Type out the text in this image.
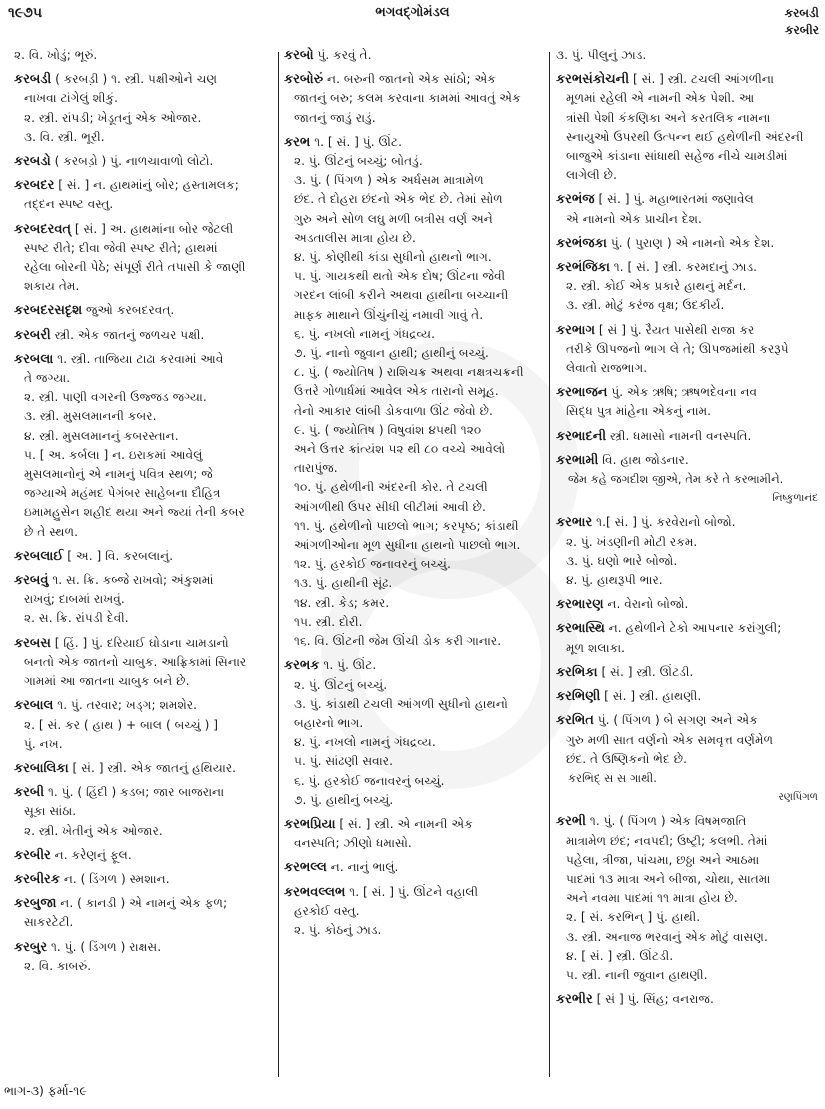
૧૯૭૫	ભગવદ્ગોમંડલ	કરબડી
કરબીર
૨. વિ. ખોડું; ભૂરું.
કરબડી ( કરબડ઼ી ) ૧. સ્ત્રી. પક્ષીઓને ચણ
નાખવા ટાંગેલું શીકું.
૨. સ્ત્રી. રાંપડી; ખેડૂતનું એક ઓજાર.
૩. વિ. સ્ત્રી. ભૂરી.
કરબડો ( કરબડ઼ો ) પું. નાળચાવાળો લોટો.
કરબદર [ સં. ] ન. હાથમાંનું બોર; હસ્તામલક;
તદ્દન સ્પષ્ટ વસ્તુ.
કરબદરવત્ [ સં. ] અ. હાથમાંના બોર જેટલી
સ્પષ્ટ રીતે; દીવા જેવી સ્પષ્ટ રીતે; હાથમાં
રહેલા બોરની પેઠે; સંપૂર્ણ રીતે તપાસી કે જાણી
શકાય તેમ.
કરબદરસદૃશ જુઓ કરબદરવત્.
કરબરી સ્ત્રી. એક જાતનું જળચર પક્ષી.
કરબલા ૧. સ્ત્રી. તાજિયા ટાઢા કરવામાં આવે
તે જગ્યા.
૨. સ્ત્રી. પાણી વગરની ઉજ્જડ જગ્યા.
૩. સ્ત્રી. મુસલમાનની કબર.
૪. સ્ત્રી. મુસલમાનનું કબરસ્તાન.
૫. [ અ. કર્બલા ] ન. ઇરાકમાં આવેલું
મુસલમાનોનું એ નામનું પવિત્ર સ્થળ; જે
જગ્યાએ મહંમદ પેગંબર સાહેબના દૌહિત્ર
ઇમામહુસેન શહીદ થયા અને જ્યાં તેની કબર
છે તે સ્થળ.
કરબલાઈ [ અ. ] વિ. કરબલાનું.
કરબવું ૧. સ. ક્રિ. કબ્જે રાખવો; અંકુશમાં
રાખવું; દાબમાં રાખવું.
૨. સ. ક્રિ. રાંપડી દેવી.
કરબસ [ હિં. ] પું. દરિયાઈ ઘોડાના ચામડાનો
બનતો એક જાતનો ચાબુક. આફ્રિકામાં સિનાર
ગામમાં આ જાતના ચાબુક બને છે.
કરબાલ ૧. પું. તરવાર; ખડ્ગ; શમશેર.
૨. [ સં. કર ( હાથ ) + બાલ ( બચ્ચું ) ]
પું. નખ.
કરબાલિકા [ સં. ] સ્ત્રી. એક જાતનું હથિયાર.
કરબી ૧. પું. ( હિંદી ) કડબ; જાર બાજરાના
સૂકા સાંઠા.
૨. સ્ત્રી. ખેતીનું એક ઓજાર.
કરબીર ન. કરેણનું ફૂલ.
કરબીરક ન. ( ડિંગળ ) સ્મશાન.
કરબુજા ન. ( કાનડી ) એ નામનું એક ફળ;
સાકરટેટી.
કરબુર ૧. પું. ( ડિંગળ ) રાક્ષસ.
૨. વિ. કાબરું.
કરબો પું. કરવું તે.
કરબોરું ન. બરુની જાતનો એક સાંઠો; એક
જાતનું બરુ; કલમ કરવાના કામમાં આવતું એક
જાતનું જાડું રાડું.
કરભ ૧. [ સં. ] પું. ઊંટ.
૨. પું. ઊંટનું બચ્ચું; બોતડું.
૩. પું. ( પિંગળ ) એક અર્ધસમ માત્રામેળ
છંદ. તે દોહરા છંદનો એક ભેદ છે. તેમાં સોળ
ગુરુ અને સોળ લઘુ મળી બત્રીસ વર્ણ અને
અડતાલીસ માત્રા હોય છે.
૪. પું. કોણીથી કાંડા સુધીનો હાથનો ભાગ.
૫. પું. ગાયકથી થતો એક દોષ; ઊંટના જેવી
ગરદન લાંબી કરીને અથવા હાથીના બચ્ચાની
માફક માથાને ઊંચુંનીચું નમાવી ગાવું તે.
૬. પું. નખલો નામનું ગંધદ્રવ્ય.
૭. પું. નાનો જુવાન હાથી; હાથીનું બચ્ચું.
૮. પું. ( જ્યોતિષ ) રાશિચક્ર અથવા નક્ષત્રચક્રની
ઉત્તરે ગોળાર્ધમાં આવેલ એક તારાનો સમૂહ.
તેનો આકાર લાંબી ડોકવાળા ઊંટ જેવો છે.
૯. પું. ( જ્યોતિષ ) વિષુવાંશ ૪૫થી ૧૨૦
અને ઉત્તર ક્રાંત્યંશ ૫૨ થી ૮૦ વચ્ચે આવેલો
તારાપુંજ.
૧૦. પું. હથેળીની અંદરની કોર. તે ટચલી
આંગળીથી ઉપર સીધી લીટીમાં આવી છે.
૧૧. પું. હથેળીનો પાછલો ભાગ; કરપૃષ્ઠ; કાંડાથી
આંગળીઓના મૂળ સુધીના હાથનો પાછલો ભાગ.
૧૨. પું. હરકોઈ જનાવરનું બચ્ચું.
૧૩. પું. હાથીની સૂંઢ.
૧૪. સ્ત્રી. કેડ; કમર.
૧૫. સ્ત્રી. દોરી.
૧૬. વિ. ઊંટની જેમ ઊંચી ડોક કરી ગાનાર.
કરભક ૧. પું. ઊંટ.
૨. પું. ઊંટનું બચ્ચું.
૩. પું. કાંડાથી ટચલી આંગળી સુધીનો હાથનો
બહારનો ભાગ.
૪. પું. નખલો નામનું ગંધદ્રવ્ય.
૫. પું. સાંઢણી સવાર.
૬. પું. હરકોઈ જનાવરનું બચ્ચું.
૭. પું. હાથીનું બચ્ચું.
કરભપ્રિયા [ સં. ] સ્ત્રી. એ નામની એક
વનસ્પતિ; ઝીણો ધમાસો.
કરભલ્લ ન. નાનું ભાલું.
કરભવલ્લભ ૧. [ સં. ] પું. ઊંટને વહાલી
હરકોઈ વસ્તુ.
૨. પું. કોઠનું ઝાડ.
૩. પું. પીલુનું ઝાડ.
કરભસંકોચની [ સં. ] સ્ત્રી. ટચલી આંગળીના
મૂળમાં રહેલી એ નામની એક પેશી. આ
ત્રાંસી પેશી કંકણિકા અને કરતલિક નામના
સ્નાયુઓ ઉપરથી ઉત્પન્ન થઈ હથેળીની અંદરની
બાજુએ કાંડાના સાંધાથી સહેજ નીચે ચામડીમાં
લાગેલી છે.
કરભંજ [ સં. ] પું. મહાભારતમાં જણાવેલ
એ નામનો એક પ્રાચીન દેશ.
કરભંજકા પું. ( પુરાણ ) એ નામનો એક દેશ.
કરભંજિકા ૧. [ સં. ] સ્ત્રી. કરમદાનું ઝાડ.
૨. સ્ત્રી. કોઈ એક પ્રકારે હાથનું મર્દન.
૩. સ્ત્રી. મોટું કરંજ વૃક્ષ; ઉદકીર્ય.
કરભાગ [ સં ] પું. રૈયત પાસેથી રાજા કર
તરીકે ઊપજનો ભાગ લે તે; ઊપજમાંથી કરરૂપે
લેવાતો રાજભાગ.
કરભાજન પું. એક ઋષિ; ઋષભદેવના નવ
સિદ્ધ પુત્ર માંહેના એકનું નામ.
કરભાદની સ્ત્રી. ધમાસો નામની વનસ્પતિ.
કરભામી વિ. હાથ જોડનાર.
જેમ કહે જગદીશ જીએ, તેમ કરે તે કરભામીને.
નિષ્કુળાનંદ
કરભાર ૧.[ સં. ] પું. કરવેરાનો બોજો.
૨. પું. ખંડણીની મોટી રકમ.
૩. પું. ઘણો ભારે બોજો.
૪. પું. હાથરૂપી ભાર.
કરભારણ ન. વેરાનો બોજો.
કરભાસ્થિ ન. હથેળીને ટેકો આપનાર કરાંગુલી;
મૂળ શલાકા.
કરભિકા [ સં. ] સ્ત્રી. ઊંટડી.
કરભિણી [ સં. ] સ્ત્રી. હાથણી.
કરભિત પું. ( પિંગળ ) બે સગણ અને એક
ગુરુ મળી સાત વર્ણનો એક સમવૃત્ત વર્ણમેળ
છંદ. તે ઉષ્ણિકનો ભેદ છે.
કરભિદ્ સ સ ગાથી.
રણપિંગળ
કરભી ૧. પું. ( પિંગળ ) એક વિષમજાતિ
માત્રામેળ છંદ; નવપદી; ઉષ્ટ્રી; કલભી. તેમાં
પહેલા, ત્રીજા, પાંચમા, છઠ્ઠા અને આઠમા
પાદમાં ૧૩ માત્રા અને બીજા, ચોથા, સાતમા
અને નવમા પાદમાં ૧૧ માત્રા હોય છે.
૨. [ સં. કરભિન્ ] પું. હાથી.
૩. સ્ત્રી. અનાજ ભરવાનું એક મોટું વાસણ.
૪. [ સં. ] સ્ત્રી. ઊંટડી.
૫. સ્ત્રી. નાની જુવાન હાથણી.
કરભીર [ સં ] પું. સિંહ; વનરાજ.
ભાગ-૩) ફર્મા-૧૯
